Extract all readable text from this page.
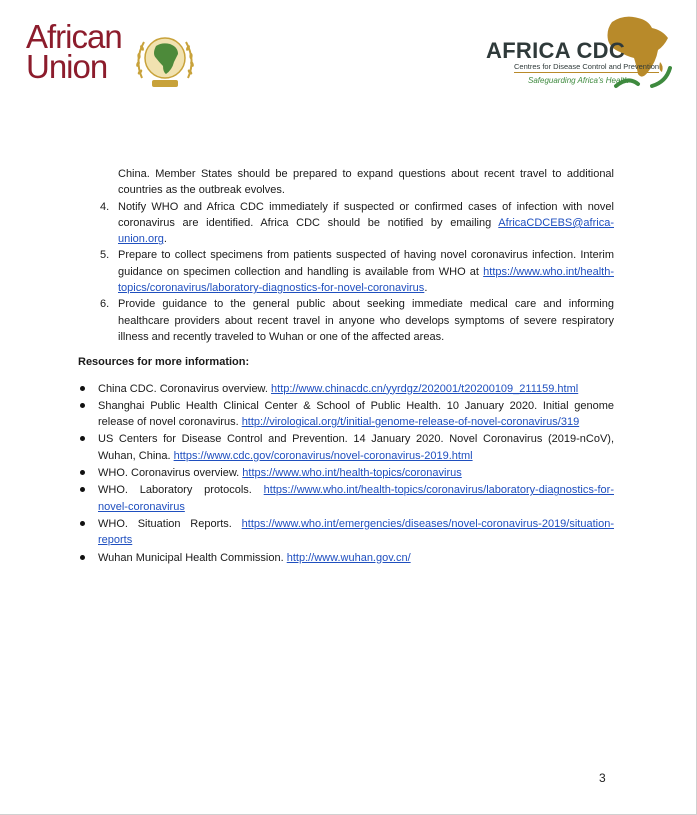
African
Union	AFRICA CDC
Centres for Disease Control and Prevention
Safeguarding Africa's Health
China. Member States should be prepared to expand questions about recent travel to additional countries as the outbreak evolves.
4. Notify WHO and Africa CDC immediately if suspected or confirmed cases of infection with novel coronavirus are identified. Africa CDC should be notified by emailing AfricaCDCEBS@africa-union.org.
5. Prepare to collect specimens from patients suspected of having novel coronavirus infection. Interim guidance on specimen collection and handling is available from WHO at https://www.who.int/health-topics/coronavirus/laboratory-diagnostics-for-novel-coronavirus.
6. Provide guidance to the general public about seeking immediate medical care and informing healthcare providers about recent travel in anyone who develops symptoms of severe respiratory illness and recently traveled to Wuhan or one of the affected areas.
Resources for more information:
China CDC. Coronavirus overview. http://www.chinacdc.cn/yyrdgz/202001/t20200109_211159.html
Shanghai Public Health Clinical Center & School of Public Health. 10 January 2020. Initial genome release of novel coronavirus. http://virological.org/t/initial-genome-release-of-novel-coronavirus/319
US Centers for Disease Control and Prevention. 14 January 2020. Novel Coronavirus (2019-nCoV), Wuhan, China. https://www.cdc.gov/coronavirus/novel-coronavirus-2019.html
WHO. Coronavirus overview. https://www.who.int/health-topics/coronavirus
WHO. Laboratory protocols. https://www.who.int/health-topics/coronavirus/laboratory-diagnostics-for-novel-coronavirus
WHO. Situation Reports. https://www.who.int/emergencies/diseases/novel-coronavirus-2019/situation-reports
Wuhan Municipal Health Commission. http://www.wuhan.gov.cn/
3
